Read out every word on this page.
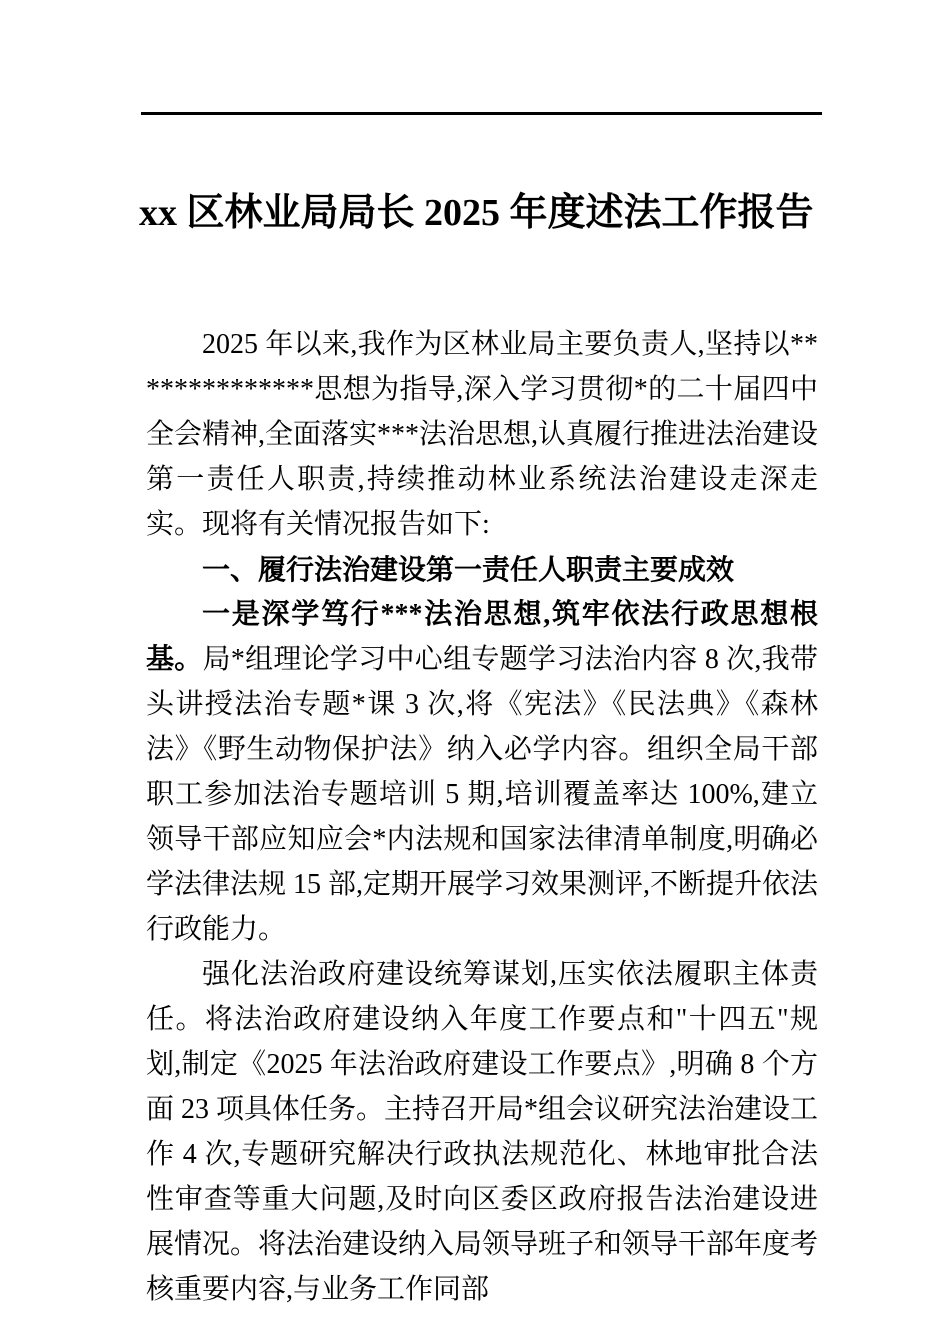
xx 区林业局局长 2025 年度述法工作报告

2025 年以来,我作为区林业局主要负责人,坚持以**************思想为指导,深入学习贯彻*的二十届四中全会精神,全面落实***法治思想,认真履行推进法治建设第一责任人职责,持续推动林业系统法治建设走深走实。现将有关情况报告如下:

一、履行法治建设第一责任人职责主要成效

一是深学笃行***法治思想,筑牢依法行政思想根基。局*组理论学习中心组专题学习法治内容 8 次,我带头讲授法治专题*课 3 次,将《宪法》《民法典》《森林法》《野生动物保护法》纳入必学内容。组织全局干部职工参加法治专题培训 5 期,培训覆盖率达 100%,建立领导干部应知应会*内法规和国家法律清单制度,明确必学法律法规 15 部,定期开展学习效果测评,不断提升依法行政能力。

强化法治政府建设统筹谋划,压实依法履职主体责任。将法治政府建设纳入年度工作要点和"十四五"规划,制定《2025 年法治政府建设工作要点》,明确 8 个方面 23 项具体任务。主持召开局*组会议研究法治建设工作 4 次,专题研究解决行政执法规范化、林地审批合法性审查等重大问题,及时向区委区政府报告法治建设进展情况。将法治建设纳入局领导班子和领导干部年度考核重要内容,与业务工作同部
